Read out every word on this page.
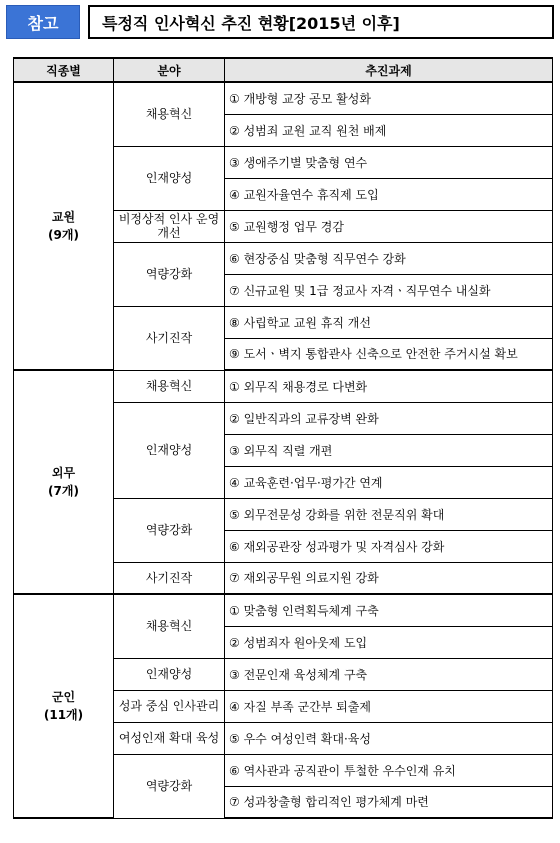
참고	특정직 인사혁신 추진 현황[2015년 이후]
직종별	분야	추진과제

교원
(9개)	채용혁신	① 개방형 교장 공모 활성화
		② 성범죄 교원 교직 원천 배제
	인재양성	③ 생애주기별 맞춤형 연수
		④ 교원자율연수 휴직제 도입
	비정상적 인사 운영 개선	⑤ 교원행정 업무 경감
	역량강화	⑥ 현장중심 맞춤형 직무연수 강화
		⑦ 신규교원 및 1급 정교사 자격ㆍ직무연수 내실화
	사기진작	⑧ 사립학교 교원 휴직 개선
		⑨ 도서ㆍ벽지 통합관사 신축으로 안전한 주거시설 확보

외무
(7개)	채용혁신	① 외무직 채용경로 다변화
	인재양성	② 일반직과의 교류장벽 완화
		③ 외무직 직렬 개편
		④ 교육훈련·업무·평가간 연계
	역량강화	⑤ 외무전문성 강화를 위한 전문직위 확대
		⑥ 재외공관장 성과평가 및 자격심사 강화
	사기진작	⑦ 재외공무원 의료지원 강화

군인
(11개)	채용혁신	① 맞춤형 인력획득체계 구축
		② 성범죄자 원아웃제 도입
	인재양성	③ 전문인재 육성체계 구축
	성과 중심 인사관리	④ 자질 부족 군간부 퇴출제
	여성인재 확대 육성	⑤ 우수 여성인력 확대·육성
	역량강화	⑥ 역사관과 공직관이 투철한 우수인재 유치
		⑦ 성과창출형 합리적인 평가체계 마련
